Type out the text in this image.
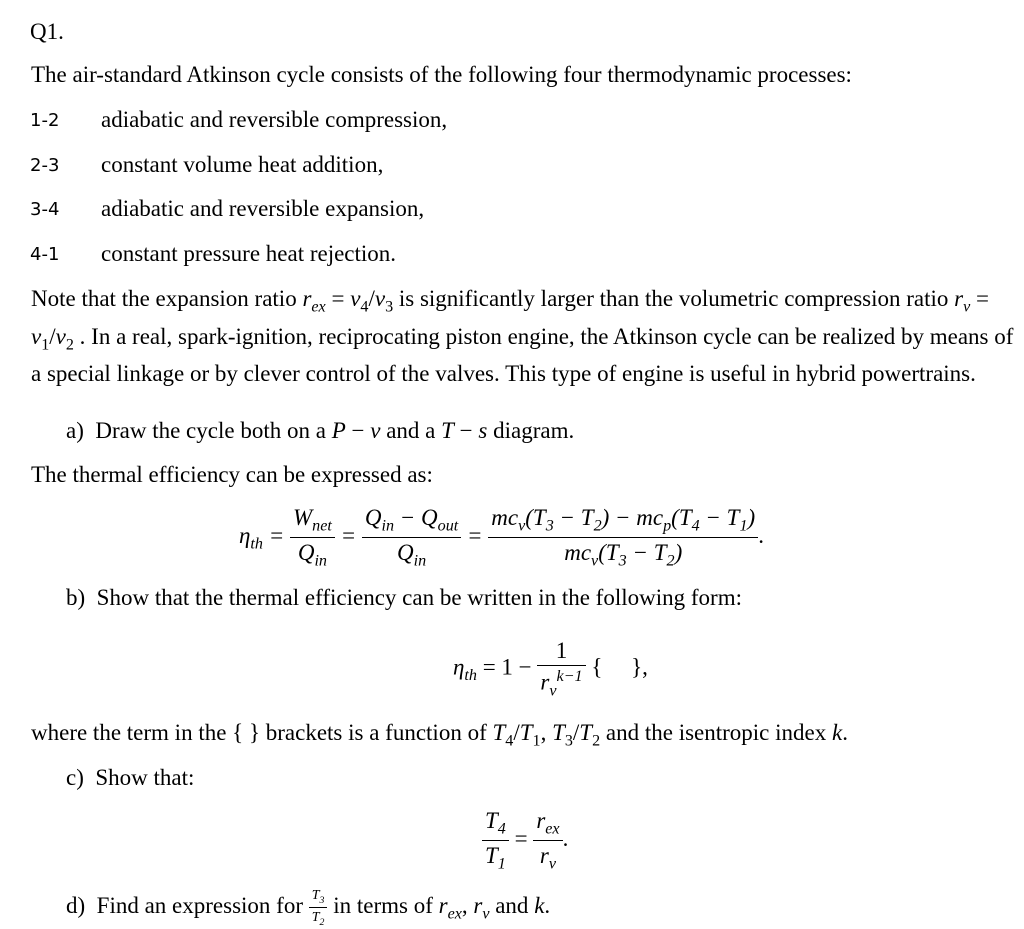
Q1.
The air-standard Atkinson cycle consists of the following four thermodynamic processes:
1-2 adiabatic and reversible compression,
2-3 constant volume heat addition,
3-4 adiabatic and reversible expansion,
4-1 constant pressure heat rejection.
Note that the expansion ratio $r_{ex} = v_4/v_3$ is significantly larger than the volumetric compression ratio $r_v = v_1/v_2$ . In a real, spark-ignition, reciprocating piston engine, the Atkinson cycle can be realized by means of a special linkage or by clever control of the valves. This type of engine is useful in hybrid powertrains.
a) Draw the cycle both on a P − v and a T − s diagram.
The thermal efficiency can be expressed as:
$\eta_{th} = \frac{W_{net}}{Q_{in}} = \frac{Q_{in} - Q_{out}}{Q_{in}} = \frac{mc_v(T_3 - T_2) - mc_p(T_4 - T_1)}{mc_v(T_3 - T_2)}$ .
b) Show that the thermal efficiency can be written in the following form:
$\eta_{th} = 1 - \frac{1}{r_v^{k-1}}$ {     },
where the term in the { } brackets is a function of $T_4/T_1$, $T_3/T_2$ and the isentropic index k.
c) Show that:
$\frac{T_4}{T_1} = \frac{r_{ex}}{r_v}$ .
d) Find an expression for $\frac{T_3}{T_2}$ in terms of $r_{ex}$, $r_v$ and k.
